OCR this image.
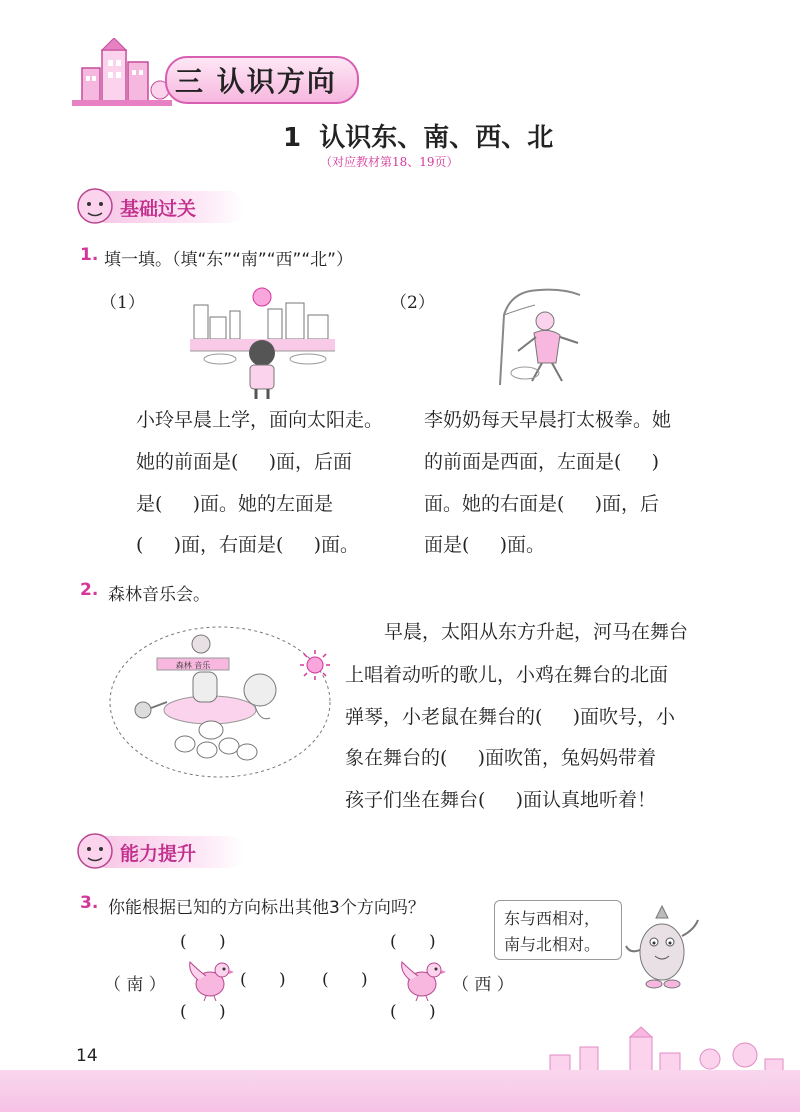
三 认识方向
1  认识东、南、西、北
（对应教材第18、19页）
基础过关
1. 填一填。（填“东”“南”“西”“北”）
（1）	（2）
小玲早晨上学，面向太阳走。
她的前面是(     )面，后面
是(     )面。她的左面是
(     )面，右面是(     )面。
李奶奶每天早晨打太极拳。她
的前面是西面，左面是(     )
面。她的右面是(     )面，后
面是(     )面。
2. 森林音乐会。
森林 音乐
早晨，太阳从东方升起，河马在舞台
上唱着动听的歌儿，小鸡在舞台的北面
弹琴，小老鼠在舞台的(     )面吹号，小
象在舞台的(     )面吹笛，兔妈妈带着
孩子们坐在舞台(     )面认真地听着！
能力提升
3. 你能根据已知的方向标出其他3个方向吗？
东与西相对，
南与北相对。
(      )
（ 南 ）	(      )
(      )
(      )
(      )	（ 西 ）
(      )
14
